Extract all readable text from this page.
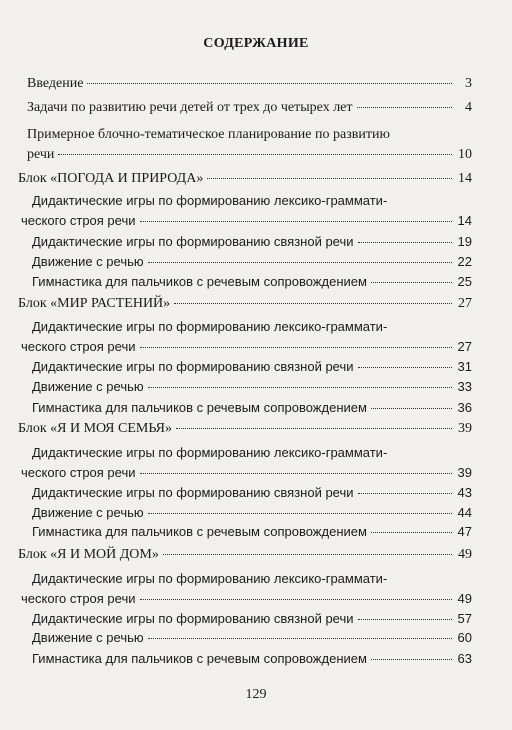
СОДЕРЖАНИЕ
Введение	3
Задачи по развитию речи детей от трех до четырех лет	4
Примерное блочно-тематическое планирование по развитию
речи	10
Блок «ПОГОДА И ПРИРОДА»	14
Дидактические игры по формированию лексико-граммати-
ческого строя речи	14
Дидактические игры по формированию связной речи	19
Движение с речью	22
Гимнастика для пальчиков с речевым сопровождением	25
Блок «МИР РАСТЕНИЙ»	27
Дидактические игры по формированию лексико-граммати-
ческого строя речи	27
Дидактические игры по формированию связной речи	31
Движение с речью	33
Гимнастика для пальчиков с речевым сопровождением	36
Блок «Я И МОЯ СЕМЬЯ»	39
Дидактические игры по формированию лексико-граммати-
ческого строя речи	39
Дидактические игры по формированию связной речи	43
Движение с речью	44
Гимнастика для пальчиков с речевым сопровождением	47
Блок «Я И МОЙ ДОМ»	49
Дидактические игры по формированию лексико-граммати-
ческого строя речи	49
Дидактические игры по формированию связной речи	57
Движение с речью	60
Гимнастика для пальчиков с речевым сопровождением	63
129
